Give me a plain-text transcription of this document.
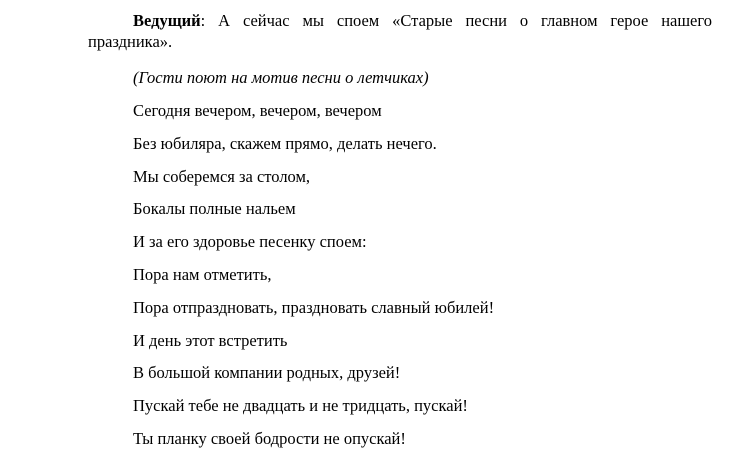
Ведущий: А сейчас мы споем «Старые песни о главном герое нашего праздника».

(Гости поют на мотив песни о летчиках)
Сегодня вечером, вечером, вечером
Без юбиляра, скажем прямо, делать нечего.
Мы соберемся за столом,
Бокалы полные нальем
И за его здоровье песенку споем:
Пора нам отметить,
Пора отпраздновать, праздновать славный юбилей!
И день этот встретить
В большой компании родных, друзей!
Пускай тебе не двадцать и не тридцать, пускай!
Ты планку своей бодрости не опускай!
